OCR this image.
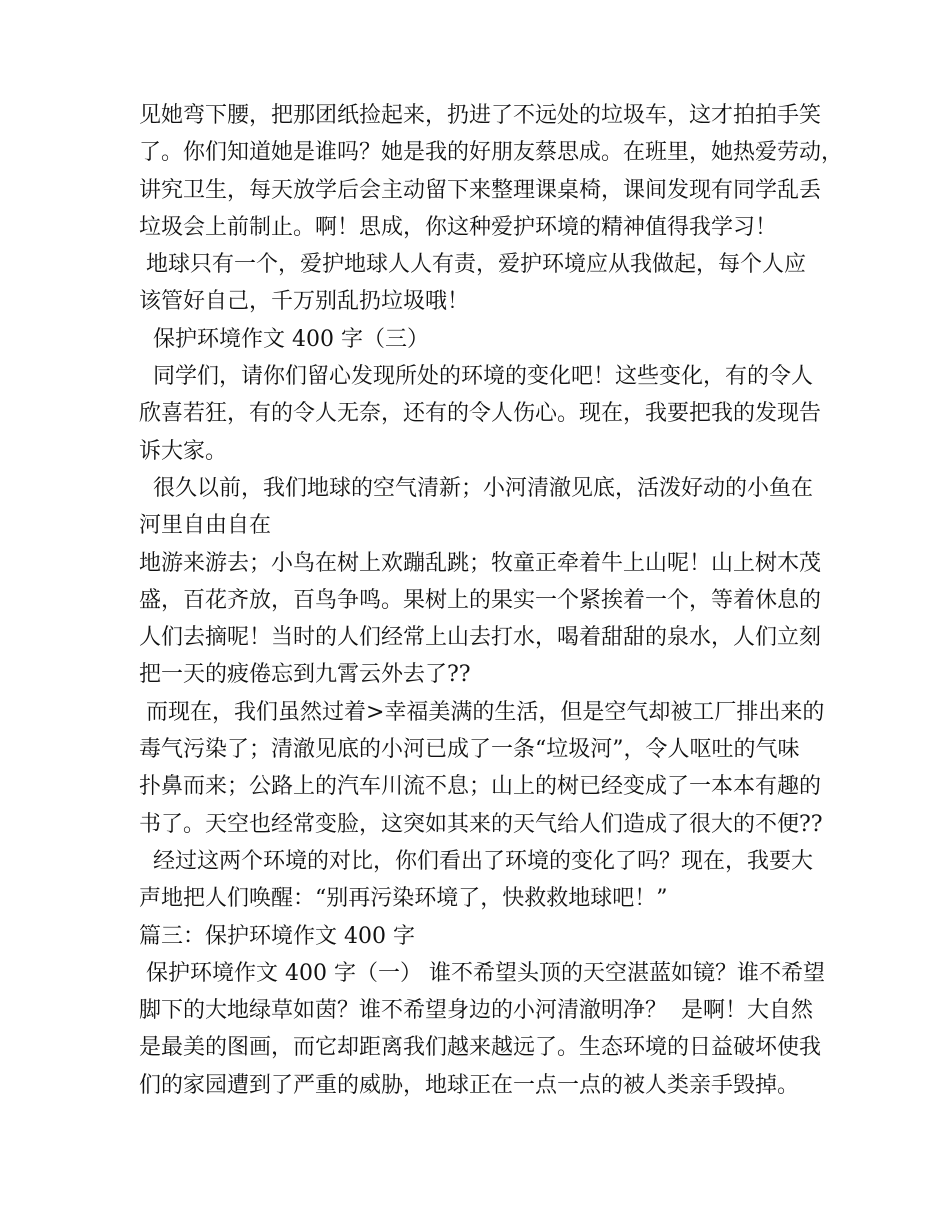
见她弯下腰，把那团纸捡起来，扔进了不远处的垃圾车，这才拍拍手笑
了。你们知道她是谁吗？她是我的好朋友蔡思成。在班里，她热爱劳动，
讲究卫生，每天放学后会主动留下来整理课桌椅，课间发现有同学乱丢
垃圾会上前制止。啊！思成，你这种爱护环境的精神值得我学习！
地球只有一个，爱护地球人人有责，爱护环境应从我做起，每个人应
该管好自己，千万别乱扔垃圾哦！
保护环境作文 400 字（三）
同学们，请你们留心发现所处的环境的变化吧！这些变化，有的令人
欣喜若狂，有的令人无奈，还有的令人伤心。现在，我要把我的发现告
诉大家。
很久以前，我们地球的空气清新；小河清澈见底，活泼好动的小鱼在
河里自由自在
地游来游去；小鸟在树上欢蹦乱跳；牧童正牵着牛上山呢！山上树木茂
盛，百花齐放，百鸟争鸣。果树上的果实一个紧挨着一个，等着休息的
人们去摘呢！当时的人们经常上山去打水，喝着甜甜的泉水，人们立刻
把一天的疲倦忘到九霄云外去了??
而现在，我们虽然过着>幸福美满的生活，但是空气却被工厂排出来的
毒气污染了；清澈见底的小河已成了一条“垃圾河”，令人呕吐的气味
扑鼻而来；公路上的汽车川流不息；山上的树已经变成了一本本有趣的
书了。天空也经常变脸，这突如其来的天气给人们造成了很大的不便??
经过这两个环境的对比，你们看出了环境的变化了吗？现在，我要大
声地把人们唤醒：“别再污染环境了，快救救地球吧！”
篇三：保护环境作文 400 字
保护环境作文 400 字（一） 谁不希望头顶的天空湛蓝如镜？谁不希望
脚下的大地绿草如茵？谁不希望身边的小河清澈明净？  是啊！大自然
是最美的图画，而它却距离我们越来越远了。生态环境的日益破坏使我
们的家园遭到了严重的威胁，地球正在一点一点的被人类亲手毁掉。
